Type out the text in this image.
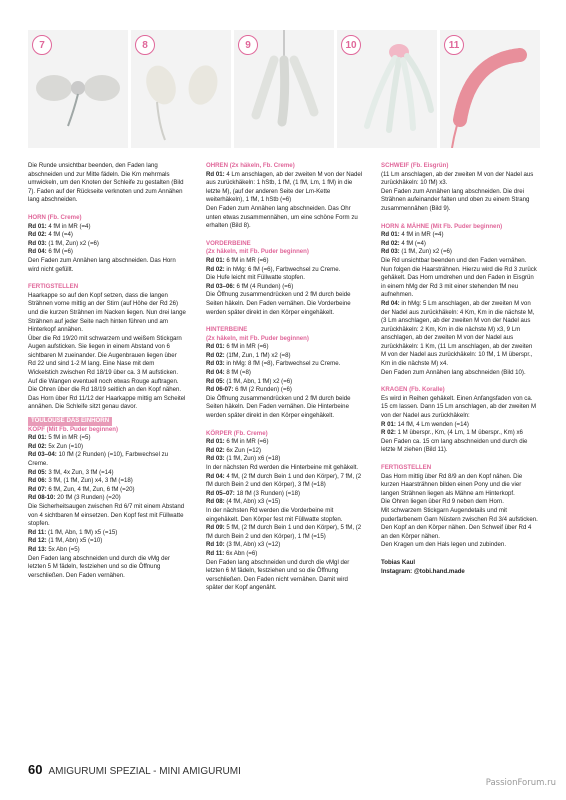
7	8	9	10	11

Die Runde unsichtbar beenden, den Faden lang abschneiden und zur Mitte fädeln. Die Km mehrmals umwickeln, um den Knoten der Schleife zu gestalten (Bild 7). Faden auf der Rückseite verknoten und zum Annähen lang abschneiden.

HORN (Fb. Creme)

Rd 01: 4 fM in MR (=4)

Rd 02: 4 fM (=4)

Rd 03: (1 fM, Zun) x2 (=6)

Rd 04: 6 fM (=6)

Den Faden zum Annähen lang abschneiden. Das Horn wird nicht gefüllt.

FERTIGSTELLEN

Haarkappe so auf den Kopf setzen, dass die langen Strähnen vorne mittig an der Stirn (auf Höhe der Rd 26) und die kurzen Strähnen im Nacken liegen. Nun drei lange Strähnen auf jeder Seite nach hinten führen und am Hinterkopf annähen.

Über die Rd 19/20 mit schwarzem und weißem Stickgarn Augen aufsticken. Sie liegen in einem Abstand von 6 sichtbaren M zueinander. Die Augenbrauen liegen über Rd 22 und sind 1-2 M lang. Eine Nase mit dem Wickelstich zwischen Rd 18/19 über ca. 3 M aufsticken. Auf die Wangen eventuell noch etwas Rouge auftragen.

Die Ohren über die Rd 18/19 seitlich an den Kopf nähen.

Das Horn über Rd 11/12 der Haarkappe mittig am Scheitel annähen. Die Schleife sitzt genau davor.

TOULOUSE DAS EINHORN

KOPF (Mit Fb. Puder beginnen)

Rd 01: 5 fM in MR (=5)

Rd 02: 5x Zun (=10)

Rd 03–04: 10 fM (2 Runden) (=10), Farbwechsel zu Creme.

Rd 05: 3 fM, 4x Zun, 3 fM (=14)

Rd 06: 3 fM, (1 fM, Zun) x4, 3 fM (=18)

Rd 07: 6 fM, Zun, 4 fM, Zun, 6 fM (=20)

Rd 08-10: 20 fM (3 Runden) (=20)

Die Sicherheitsaugen zwischen Rd 6/7 mit einem Abstand von 4 sichtbaren M einsetzen. Den Kopf fest mit Füllwatte stopfen.

Rd 11: (1 fM, Abn, 1 fM) x5 (=15)

Rd 12: (1 fM, Abn) x5 (=10)

Rd 13: 5x Abn (=5)

Den Faden lang abschneiden und durch die vMg der letzten 5 M fädeln, festziehen und so die Öffnung verschließen. Den Faden vernähen.

OHREN (2x häkeln, Fb. Creme)

Rd 01: 4 Lm anschlagen, ab der zweiten M von der Nadel aus zurückhäkeln: 1 hStb, 1 fM, (1 fM, Lm, 1 fM) in die letzte M), (auf der anderen Seite der Lm-Kette weiterhäkeln), 1 fM, 1 hStb (=6)

Den Faden zum Annähen lang abschneiden. Das Ohr unten etwas zusammennähen, um eine schöne Form zu erhalten (Bild 8).

VORDERBEINE

(2x häkeln, mit Fb. Puder beginnen)

Rd 01: 6 fM in MR (=6)

Rd 02: in hMg: 6 fM (=6), Farbwechsel zu Creme.

Die Hufe leicht mit Füllwatte stopfen.

Rd 03–06: 6 fM (4 Runden) (=6)

Die Öffnung zusammendrücken und 2 fM durch beide Seiten häkeln. Den Faden vernähen. Die Vorderbeine werden später direkt in den Körper eingehäkelt.

HINTERBEINE

(2x häkeln, mit Fb. Puder beginnen)

Rd 01: 6 fM in MR (=6)

Rd 02: (1fM, Zun, 1 fM) x2 (=8)

Rd 03: in hMg: 8 fM (=8), Farbwechsel zu Creme.

Rd 04: 8 fM (=8)

Rd 05: (1 fM, Abn, 1 fM) x2 (=6)

Rd 06-07: 6 fM (2 Runden) (=6)

Die Öffnung zusammendrücken und 2 fM durch beide Seiten häkeln. Den Faden vernähen. Die Hinterbeine werden später direkt in den Körper eingehäkelt.

KÖRPER (Fb. Creme)

Rd 01: 6 fM in MR (=6)

Rd 02: 6x Zun (=12)

Rd 03: (1 fM, Zun) x6 (=18)

In der nächsten Rd werden die Hinterbeine mit gehäkelt.

Rd 04: 4 fM, (2 fM durch Bein 1 und den Körper), 7 fM, (2 fM durch Bein 2 und den Körper), 3 fM (=18)

Rd 05–07: 18 fM (3 Runden) (=18)

Rd 08: (4 fM, Abn) x3 (=15)

In der nächsten Rd werden die Vorderbeine mit eingehäkelt. Den Körper fest mit Füllwatte stopfen.

Rd 09: 5 fM, (2 fM durch Bein 1 und den Körper), 5 fM, (2 fM durch Bein 2 und den Körper), 1 fM (=15)

Rd 10: (3 fM, Abn) x3 (=12)

Rd 11: 6x Abn (=6)

Den Faden lang abschneiden und durch die vMgl der letzten 6 M fädeln, festziehen und so die Öffnung verschließen. Den Faden nicht vernähen. Damit wird später der Kopf angenäht.

SCHWEIF (Fb. Eisgrün)

(11 Lm anschlagen, ab der zweiten M von der Nadel aus zurückhäkeln: 10 fM) x3.

Den Faden zum Annähen lang abschneiden. Die drei Strähnen aufeinander falten und oben zu einem Strang zusammennähen (Bild 9).

HORN & MÄHNE (Mit Fb. Puder beginnen)

Rd 01: 4 fM in MR (=4)

Rd 02: 4 fM (=4)

Rd 03: (1 fM, Zun) x2 (=6)

Die Rd unsichtbar beenden und den Faden vernähen.

Nun folgen die Haarsträhnen. Hierzu wird die Rd 3 zurück gehäkelt. Das Horn umdrehen und den Faden in Eisgrün in einem hMg der Rd 3 mit einer stehenden fM neu aufnehmen.

Rd 04: in hMg: 5 Lm anschlagen, ab der zweiten M von der Nadel aus zurückhäkeln: 4 Km, Km in die nächste M, (3 Lm anschlagen, ab der zweiten M von der Nadel aus zurückhäkeln: 2 Km, Km in die nächste M) x3, 9 Lm anschlagen, ab der zweiten M von der Nadel aus zurückhäkeln: 1 Km, (11 Lm anschlagen, ab der zweiten M von der Nadel aus zurückhäkeln: 10 fM, 1 M überspr., Km in die nächste M) x4.

Den Faden zum Annähen lang abschneiden (Bild 10).

KRAGEN (Fb. Koralle)

Es wird in Reihen gehäkelt. Einen Anfangsfaden von ca. 15 cm lassen. Dann 15 Lm anschlagen, ab der zweiten M von der Nadel aus zurückhäkeln:

R 01: 14 fM, 4 Lm wenden (=14)

R 02: 1 M überspr., Km, (4 Lm, 1 M überspr., Km) x6

Den Faden ca. 15 cm lang abschneiden und durch die letzte M ziehen (Bild 11).

FERTIGSTELLEN

Das Horn mittig über Rd 8/9 an den Kopf nähen. Die kurzen Haarsträhnen bilden einen Pony und die vier langen Strähnen liegen als Mähne am Hinterkopf.

Die Ohren liegen über Rd 9 neben dem Horn.

Mit schwarzem Stickgarn Augendetails und mit puderfarbenem Garn Nüstern zwischen Rd 3/4 aufsticken.

Den Kopf an den Körper nähen. Den Schweif über Rd 4 an den Körper nähen.

Den Kragen um den Hals legen und zubinden.

Tobias Kaul

Instagram: @tobi.hand.made

60 AMIGURUMI SPEZIAL - MINI AMIGURUMI
PassionForum.ru
